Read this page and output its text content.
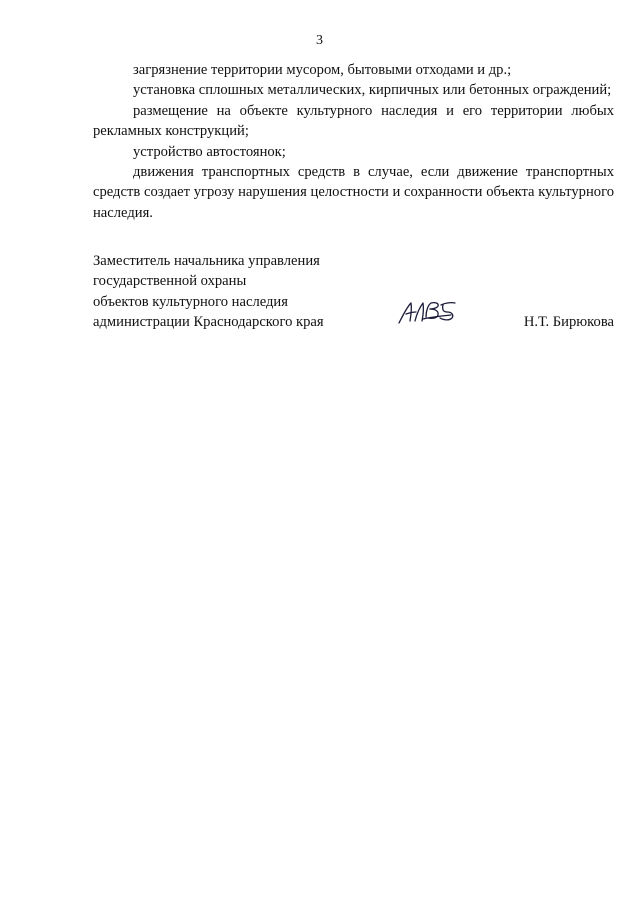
3

загрязнение территории мусором, бытовыми отходами и др.;

установка сплошных металлических, кирпичных или бетонных ограждений;

размещение на объекте культурного наследия и его территории любых рекламных конструкций;

устройство автостоянок;

движения транспортных средств в случае, если движение транспортных средств создает угрозу нарушения целостности и сохранности объекта культурного наследия.

Заместитель начальника управления
государственной охраны
объектов культурного наследия
администрации Краснодарского края	Н.Т. Бирюкова
